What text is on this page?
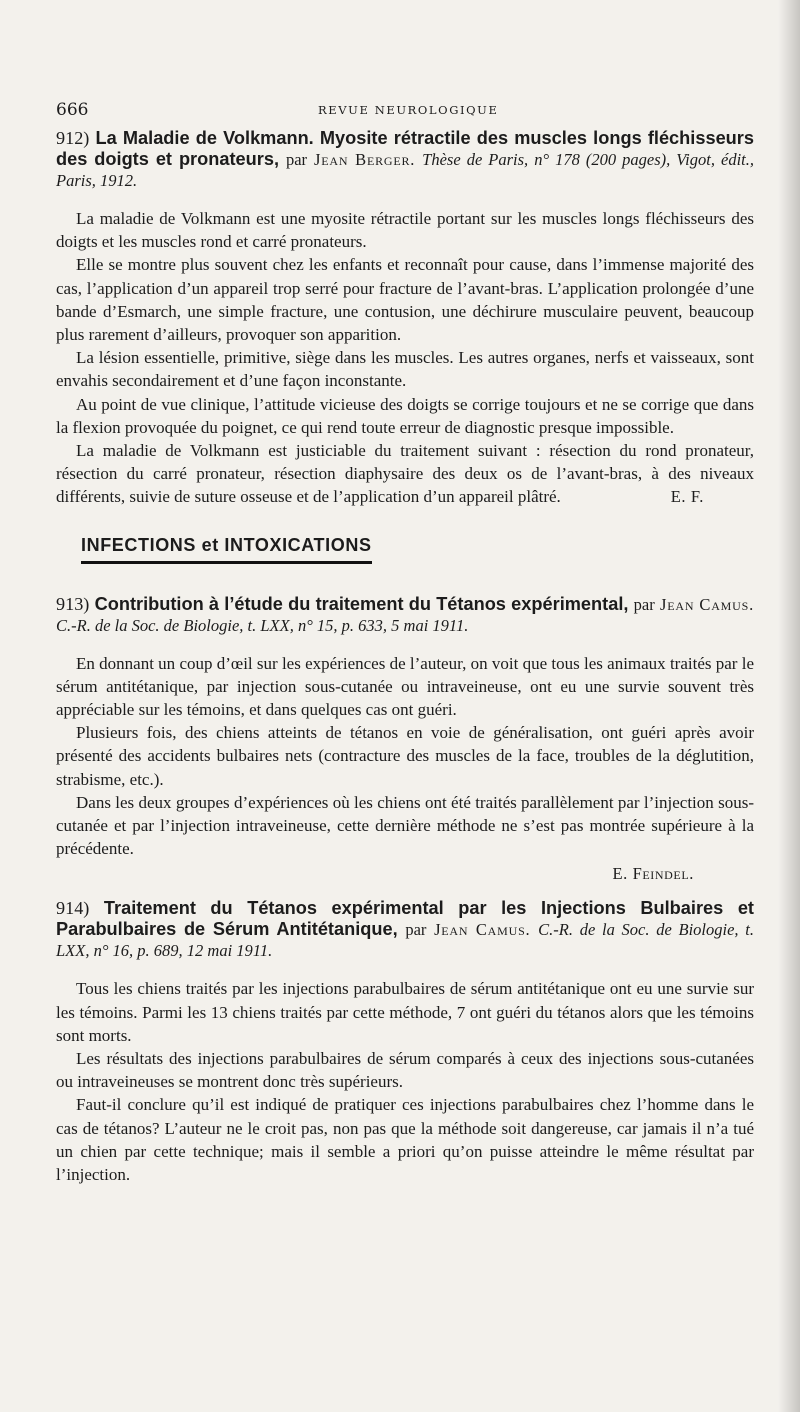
666	REVUE NEUROLOGIQUE
912) La Maladie de Volkmann. Myosite rétractile des muscles longs fléchisseurs des doigts et pronateurs, par Jean Berger. Thèse de Paris, n° 178 (200 pages), Vigot, édit., Paris, 1912.

La maladie de Volkmann est une myosite rétractile portant sur les muscles longs fléchisseurs des doigts et les muscles rond et carré pronateurs.

Elle se montre plus souvent chez les enfants et reconnaît pour cause, dans l’immense majorité des cas, l’application d’un appareil trop serré pour fracture de l’avant-bras. L’application prolongée d’une bande d’Esmarch, une simple fracture, une contusion, une déchirure musculaire peuvent, beaucoup plus rarement d’ailleurs, provoquer son apparition.

La lésion essentielle, primitive, siège dans les muscles. Les autres organes, nerfs et vaisseaux, sont envahis secondairement et d’une façon inconstante.

Au point de vue clinique, l’attitude vicieuse des doigts se corrige toujours et ne se corrige que dans la flexion provoquée du poignet, ce qui rend toute erreur de diagnostic presque impossible.

La maladie de Volkmann est justiciable du traitement suivant : résection du rond pronateur, résection du carré pronateur, résection diaphysaire des deux os de l’avant-bras, à des niveaux différents, suivie de suture osseuse et de l’application d’un appareil plâtré.	E. F.
INFECTIONS et INTOXICATIONS
913) Contribution à l’étude du traitement du Tétanos expérimental, par Jean Camus. C.-R. de la Soc. de Biologie, t. LXX, n° 15, p. 633, 5 mai 1911.

En donnant un coup d’œil sur les expériences de l’auteur, on voit que tous les animaux traités par le sérum antitétanique, par injection sous-cutanée ou intraveineuse, ont eu une survie souvent très appréciable sur les témoins, et dans quelques cas ont guéri.

Plusieurs fois, des chiens atteints de tétanos en voie de généralisation, ont guéri après avoir présenté des accidents bulbaires nets (contracture des muscles de la face, troubles de la déglutition, strabisme, etc.).

Dans les deux groupes d’expériences où les chiens ont été traités parallèlement par l’injection sous-cutanée et par l’injection intraveineuse, cette dernière méthode ne s’est pas montrée supérieure à la précédente.

E. Feindel.
914) Traitement du Tétanos expérimental par les Injections Bulbaires et Parabulbaires de Sérum Antitétanique, par Jean Camus. C.-R. de la Soc. de Biologie, t. LXX, n° 16, p. 689, 12 mai 1911.

Tous les chiens traités par les injections parabulbaires de sérum antitétanique ont eu une survie sur les témoins. Parmi les 13 chiens traités par cette méthode, 7 ont guéri du tétanos alors que les témoins sont morts.

Les résultats des injections parabulbaires de sérum comparés à ceux des injections sous-cutanées ou intraveineuses se montrent donc très supérieurs.

Faut-il conclure qu’il est indiqué de pratiquer ces injections parabulbaires chez l’homme dans le cas de tétanos? L’auteur ne le croit pas, non pas que la méthode soit dangereuse, car jamais il n’a tué un chien par cette technique; mais il semble a priori qu’on puisse atteindre le même résultat par l’injection.
